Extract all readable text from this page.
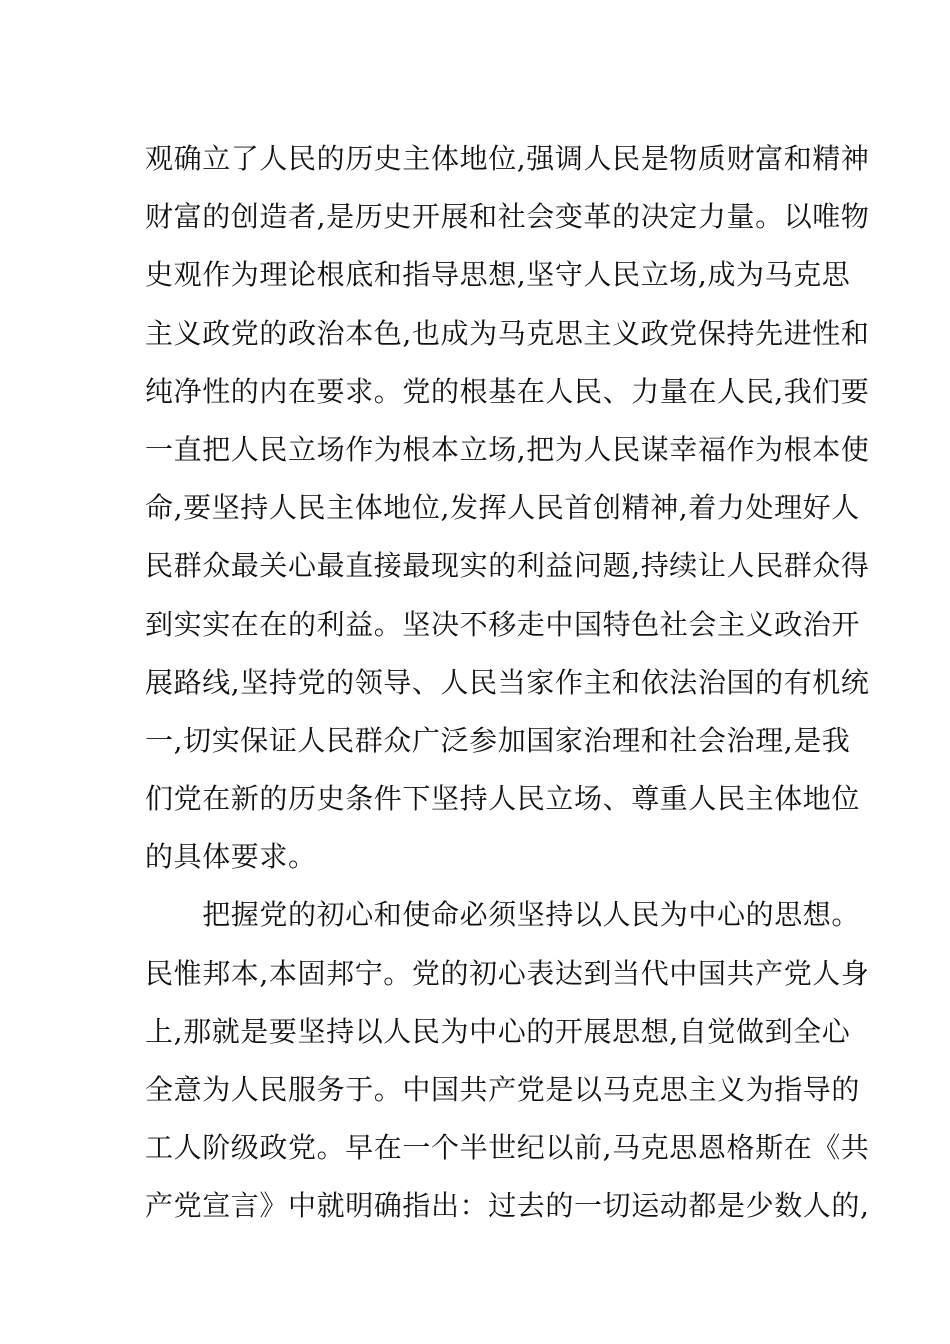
观确立了人民的历史主体地位,强调人民是物质财富和精神
财富的创造者,是历史开展和社会变革的决定力量。以唯物
史观作为理论根底和指导思想,坚守人民立场,成为马克思
主义政党的政治本色,也成为马克思主义政党保持先进性和
纯净性的内在要求。党的根基在人民、力量在人民,我们要
一直把人民立场作为根本立场,把为人民谋幸福作为根本使
命,要坚持人民主体地位,发挥人民首创精神,着力处理好人
民群众最关心最直接最现实的利益问题,持续让人民群众得
到实实在在的利益。坚决不移走中国特色社会主义政治开
展路线,坚持党的领导、人民当家作主和依法治国的有机统
一,切实保证人民群众广泛参加国家治理和社会治理,是我
们党在新的历史条件下坚持人民立场、尊重人民主体地位
的具体要求。
　　把握党的初心和使命必须坚持以人民为中心的思想。
民惟邦本,本固邦宁。党的初心表达到当代中国共产党人身
上,那就是要坚持以人民为中心的开展思想,自觉做到全心
全意为人民服务于。中国共产党是以马克思主义为指导的
工人阶级政党。早在一个半世纪以前,马克思恩格斯在《共
产党宣言》中就明确指出：过去的一切运动都是少数人的,
